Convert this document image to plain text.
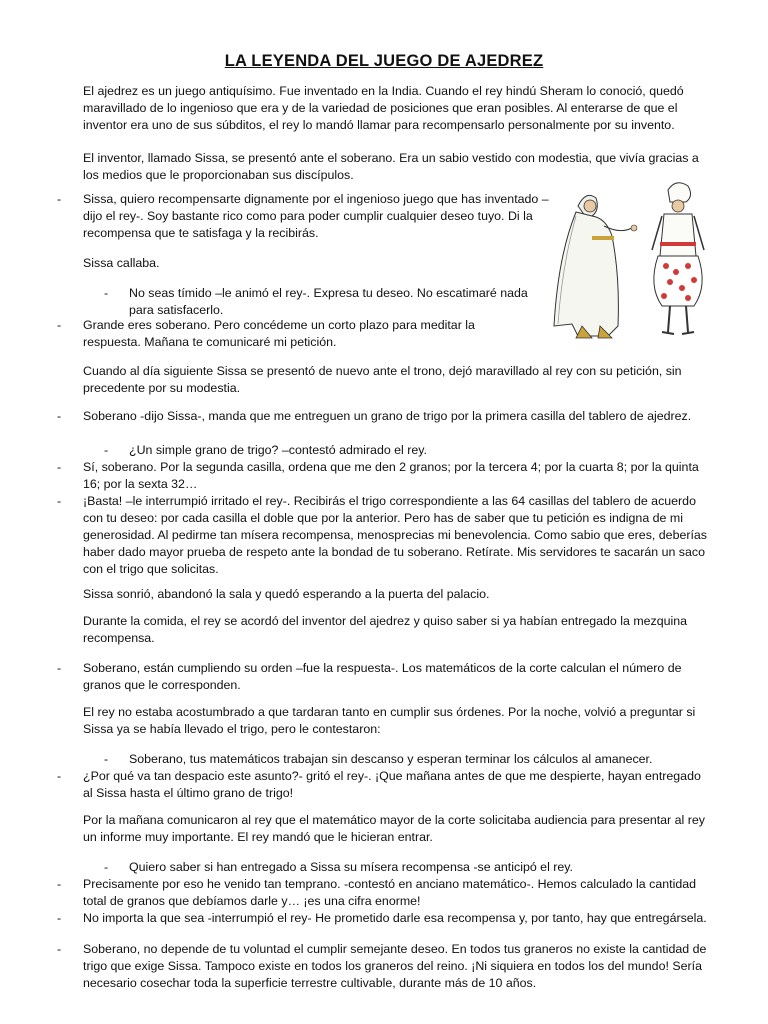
LA LEYENDA DEL JUEGO DE AJEDREZ
El ajedrez es un juego antiquísimo. Fue inventado en la India. Cuando el rey hindú Sheram lo conoció, quedó maravillado de lo ingenioso que era y de la variedad de posiciones que eran posibles. Al enterarse de que el inventor era uno de sus súbditos, el rey lo mandó llamar para recompensarlo personalmente por su invento.
El inventor, llamado Sissa, se presentó ante el soberano. Era un sabio vestido con modestia, que vivía gracias a los medios que le proporcionaban sus discípulos.
- Sissa, quiero recompensarte dignamente por el ingenioso juego que has inventado –dijo el rey-. Soy bastante rico como para poder cumplir cualquier deseo tuyo. Di la recompensa que te satisfaga y la recibirás.
Sissa callaba.
- No seas tímido –le animó el rey-. Expresa tu deseo. No escatimaré nada para satisfacerlo.
- Grande eres soberano. Pero concédeme un corto plazo para meditar la respuesta. Mañana te comunicaré mi petición.
Cuando al día siguiente Sissa se presentó de nuevo ante el trono, dejó maravillado al rey con su petición, sin precedente por su modestia.
- Soberano -dijo Sissa-, manda que me entreguen un grano de trigo por la primera casilla del tablero de ajedrez.
- ¿Un simple grano de trigo? –contestó admirado el rey.
- Sí, soberano. Por la segunda casilla, ordena que me den 2 granos; por la tercera 4; por la cuarta 8; por la quinta 16; por la sexta 32…
- ¡Basta! –le interrumpió irritado el rey-. Recibirás el trigo correspondiente a las 64 casillas del tablero de acuerdo con tu deseo: por cada casilla el doble que por la anterior. Pero has de saber que tu petición es indigna de mi generosidad. Al pedirme tan mísera recompensa, menosprecias mi benevolencia. Como sabio que eres, deberías haber dado mayor prueba de respeto ante la bondad de tu soberano. Retírate. Mis servidores te sacarán un saco con el trigo que solicitas.
Sissa sonrió, abandonó la sala y quedó esperando a la puerta del palacio.
Durante la comida, el rey se acordó del inventor del ajedrez y quiso saber si ya habían entregado la mezquina recompensa.
- Soberano, están cumpliendo su orden –fue la respuesta-. Los matemáticos de la corte calculan el número de granos que le corresponden.
El rey no estaba acostumbrado a que tardaran tanto en cumplir sus órdenes. Por la noche, volvió a preguntar si Sissa ya se había llevado el trigo, pero le contestaron:
- Soberano, tus matemáticos trabajan sin descanso y esperan terminar los cálculos al amanecer.
- ¿Por qué va tan despacio este asunto?- gritó el rey-. ¡Que mañana antes de que me despierte, hayan entregado al Sissa hasta el último grano de trigo!
Por la mañana comunicaron al rey que el matemático mayor de la corte solicitaba audiencia para presentar al rey un informe muy importante. El rey mandó que le hicieran entrar.
- Quiero saber si han entregado a Sissa su mísera recompensa -se anticipó el rey.
- Precisamente por eso he venido tan temprano. -contestó en anciano matemático-. Hemos calculado la cantidad total de granos que debíamos darle y… ¡es una cifra enorme!
- No importa la que sea -interrumpió el rey- He prometido darle esa recompensa y, por tanto, hay que entregársela.
- Soberano, no depende de tu voluntad el cumplir semejante deseo. En todos tus graneros no existe la cantidad de trigo que exige Sissa. Tampoco existe en todos los graneros del reino. ¡Ni siquiera en todos los del mundo! Sería necesario cosechar toda la superficie terrestre cultivable, durante más de 10 años.
